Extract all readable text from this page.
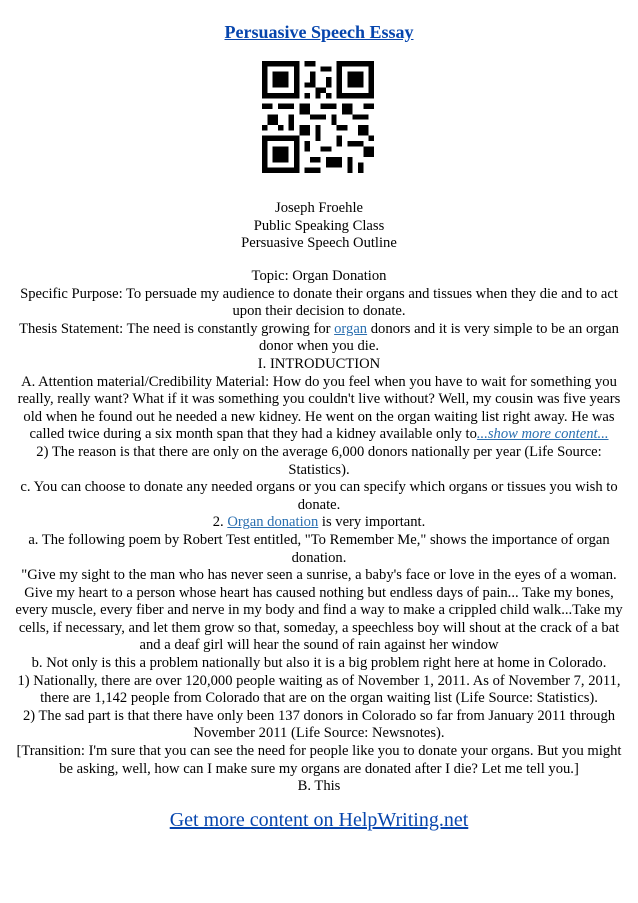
Persuasive Speech Essay
Joseph Froehle
Public Speaking Class
Persuasive Speech Outline

Topic: Organ Donation

Specific Purpose: To persuade my audience to donate their organs and tissues when they die and to act upon their decision to donate.

Thesis Statement: The need is constantly growing for organ donors and it is very simple to be an organ donor when you die.

I. INTRODUCTION

A. Attention material/Credibility Material: How do you feel when you have to wait for something you really, really want? What if it was something you couldn't live without? Well, my cousin was five years old when he found out he needed a new kidney. He went on the organ waiting list right away. He was called twice during a six month span that they had a kidney available only to...show more content...

2) The reason is that there are only on the average 6,000 donors nationally per year (Life Source: Statistics).

c. You can choose to donate any needed organs or you can specify which organs or tissues you wish to donate.

2. Organ donation is very important.

a. The following poem by Robert Test entitled, "To Remember Me," shows the importance of organ donation.

"Give my sight to the man who has never seen a sunrise, a baby's face or love in the eyes of a woman. Give my heart to a person whose heart has caused nothing but endless days of pain... Take my bones, every muscle, every fiber and nerve in my body and find a way to make a crippled child walk...Take my cells, if necessary, and let them grow so that, someday, a speechless boy will shout at the crack of a bat and a deaf girl will hear the sound of rain against her window

b. Not only is this a problem nationally but also it is a big problem right here at home in Colorado.

1) Nationally, there are over 120,000 people waiting as of November 1, 2011. As of November 7, 2011, there are 1,142 people from Colorado that are on the organ waiting list (Life Source: Statistics).

2) The sad part is that there have only been 137 donors in Colorado so far from January 2011 through November 2011 (Life Source: Newsnotes).

[Transition: I'm sure that you can see the need for people like you to donate your organs. But you might be asking, well, how can I make sure my organs are donated after I die? Let me tell you.]

B. This

Get more content on HelpWriting.net
